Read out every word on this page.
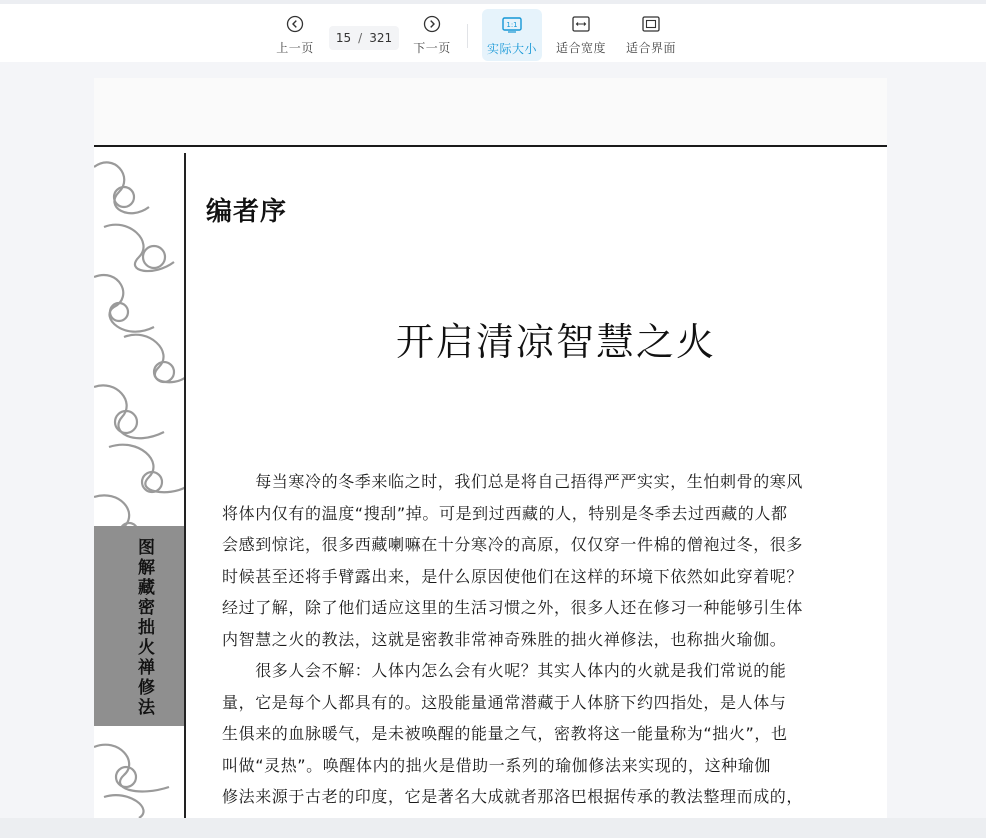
上一页
15 / 321
下一页
1:1
实际大小 适合宽度 适合界面
图解藏密拙火禅修法
编者序
开启清凉智慧之火
　　每当寒冷的冬季来临之时，我们总是将自己捂得严严实实，生怕刺骨的寒风
将体内仅有的温度“搜刮”掉。可是到过西藏的人，特别是冬季去过西藏的人都
会感到惊诧，很多西藏喇嘛在十分寒冷的高原，仅仅穿一件棉的僧袍过冬，很多
时候甚至还将手臂露出来，是什么原因使他们在这样的环境下依然如此穿着呢？
经过了解，除了他们适应这里的生活习惯之外，很多人还在修习一种能够引生体
内智慧之火的教法，这就是密教非常神奇殊胜的拙火禅修法，也称拙火瑜伽。
　　很多人会不解：人体内怎么会有火呢？其实人体内的火就是我们常说的能
量，它是每个人都具有的。这股能量通常潜藏于人体脐下约四指处，是人体与
生俱来的血脉暖气，是未被唤醒的能量之气，密教将这一能量称为“拙火”，也
叫做“灵热”。唤醒体内的拙火是借助一系列的瑜伽修法来实现的，这种瑜伽
修法来源于古老的印度，它是著名大成就者那洛巴根据传承的教法整理而成的，
